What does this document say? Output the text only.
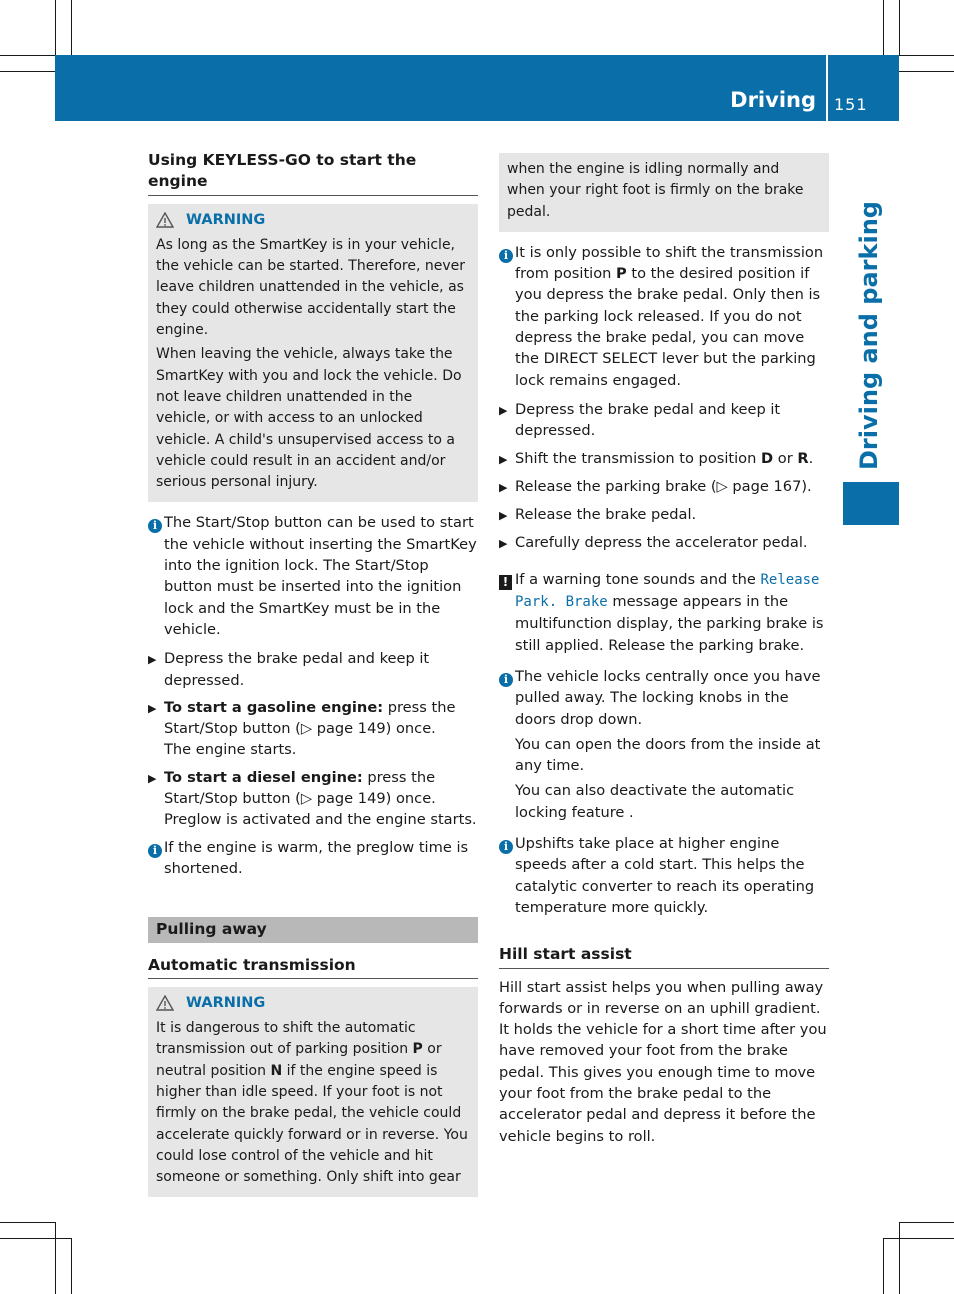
Driving 151
Driving and parking
Using KEYLESS-GO to start the engine
WARNING

As long as the SmartKey is in your vehicle, the vehicle can be started. Therefore, never leave children unattended in the vehicle, as they could otherwise accidentally start the engine.

When leaving the vehicle, always take the SmartKey with you and lock the vehicle. Do not leave children unattended in the vehicle, or with access to an unlocked vehicle. A child's unsupervised access to a vehicle could result in an accident and/or serious personal injury.

i The Start/Stop button can be used to start the vehicle without inserting the SmartKey into the ignition lock. The Start/Stop button must be inserted into the ignition lock and the SmartKey must be in the vehicle.
▶ Depress the brake pedal and keep it depressed.
▶ To start a gasoline engine: press the Start/Stop button (▷ page 149) once.
The engine starts.
▶ To start a diesel engine: press the Start/Stop button (▷ page 149) once.
Preglow is activated and the engine starts.
i If the engine is warm, the preglow time is shortened.
Pulling away
Automatic transmission
WARNING

It is dangerous to shift the automatic transmission out of parking position P or neutral position N if the engine speed is higher than idle speed. If your foot is not firmly on the brake pedal, the vehicle could accelerate quickly forward or in reverse. You could lose control of the vehicle and hit someone or something. Only shift into gear

when the engine is idling normally and when your right foot is firmly on the brake pedal.

i It is only possible to shift the transmission from position P to the desired position if you depress the brake pedal. Only then is the parking lock released. If you do not depress the brake pedal, you can move the DIRECT SELECT lever but the parking lock remains engaged.
▶ Depress the brake pedal and keep it depressed.
▶ Shift the transmission to position D or R.
▶ Release the parking brake (▷ page 167).
▶ Release the brake pedal.
▶ Carefully depress the accelerator pedal.
! If a warning tone sounds and the Release Park. Brake message appears in the multifunction display, the parking brake is still applied. Release the parking brake.
i The vehicle locks centrally once you have pulled away. The locking knobs in the doors drop down.
You can open the doors from the inside at any time.
You can also deactivate the automatic locking feature .
i Upshifts take place at higher engine speeds after a cold start. This helps the catalytic converter to reach its operating temperature more quickly.
Hill start assist

Hill start assist helps you when pulling away forwards or in reverse on an uphill gradient. It holds the vehicle for a short time after you have removed your foot from the brake pedal. This gives you enough time to move your foot from the brake pedal to the accelerator pedal and depress it before the vehicle begins to roll.
